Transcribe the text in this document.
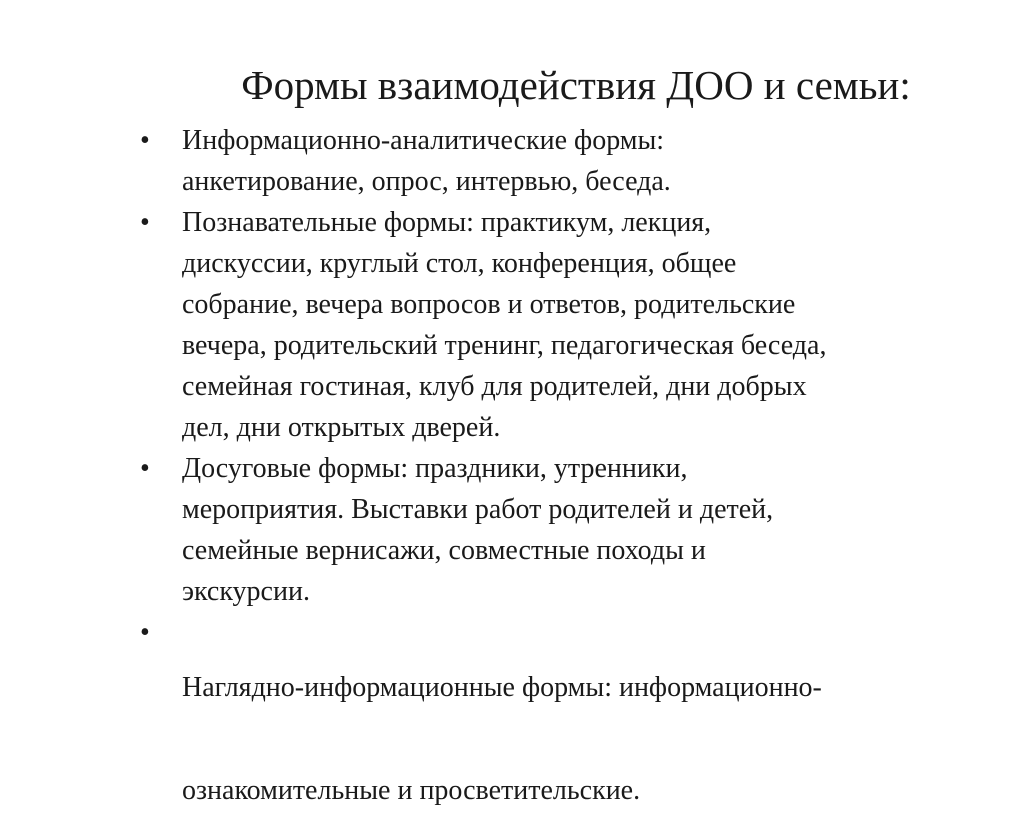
Формы взаимодействия ДОО и семьи:
•	Информационно-аналитические формы:
анкетирование, опрос, интервью, беседа.
•	Познавательные формы: практикум, лекция,
дискуссии, круглый стол, конференция, общее
собрание, вечера вопросов и ответов, родительские
вечера, родительский тренинг, педагогическая беседа,
семейная гостиная, клуб для родителей, дни добрых
дел, дни открытых дверей.
•	Досуговые формы: праздники, утренники,
мероприятия. Выставки работ родителей и детей,
семейные вернисажи, совместные походы и
экскурсии.
•

Наглядно-информационные формы: информационно-

ознакомительные и просветительские.
